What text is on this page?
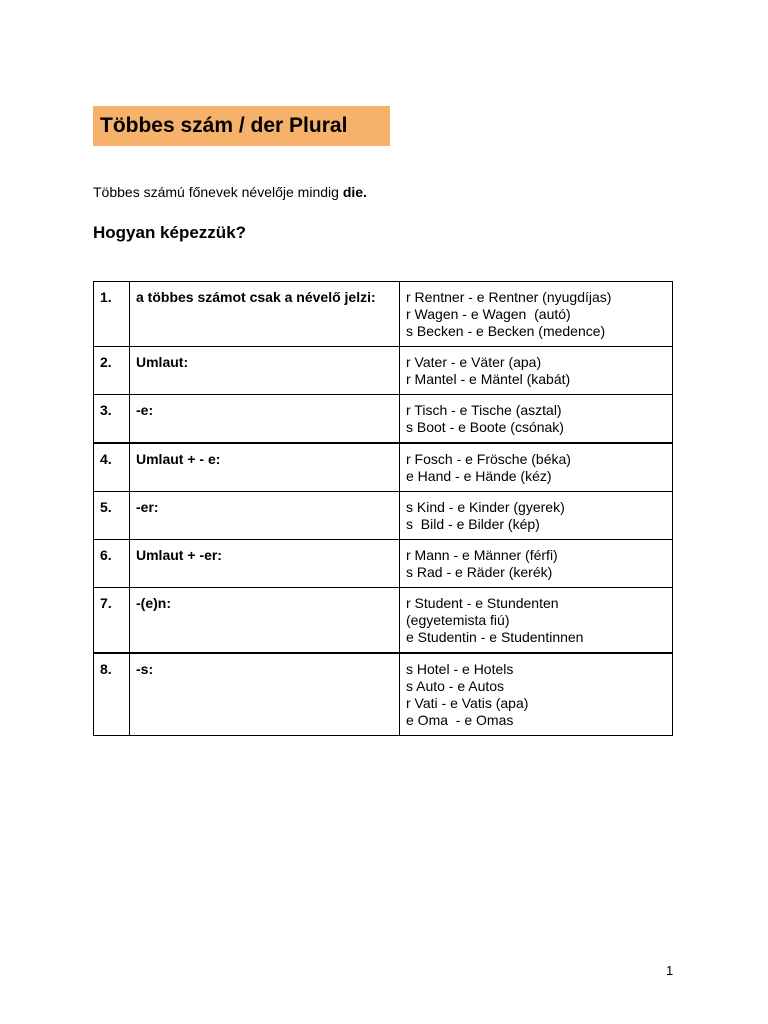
Többes szám / der Plural
Többes számú főnevek névelője mindig die.
Hogyan képezzük?
1.	a többes számot csak a névelő jelzi:	r Rentner - e Rentner (nyugdíjas)
r Wagen - e Wagen  (autó)
s Becken - e Becken (medence)

2.	Umlaut:	r Vater - e Väter (apa)
r Mantel - e Mäntel (kabát)

3.	-e:	r Tisch - e Tische (asztal)
s Boot - e Boote (csónak)

4.	Umlaut + - e:	r Fosch - e Frösche (béka)
e Hand - e Hände (kéz)

5.	-er:	s Kind - e Kinder (gyerek)
s  Bild - e Bilder (kép)

6.	Umlaut + -er:	r Mann - e Männer (férfi)
s Rad - e Räder (kerék)

7.	-(e)n:	r Student - e Stundenten
(egyetemista fiú)
e Studentin - e Studentinnen

8.	-s:	s Hotel - e Hotels
s Auto - e Autos
r Vati - e Vatis (apa)
e Oma  - e Omas
1
